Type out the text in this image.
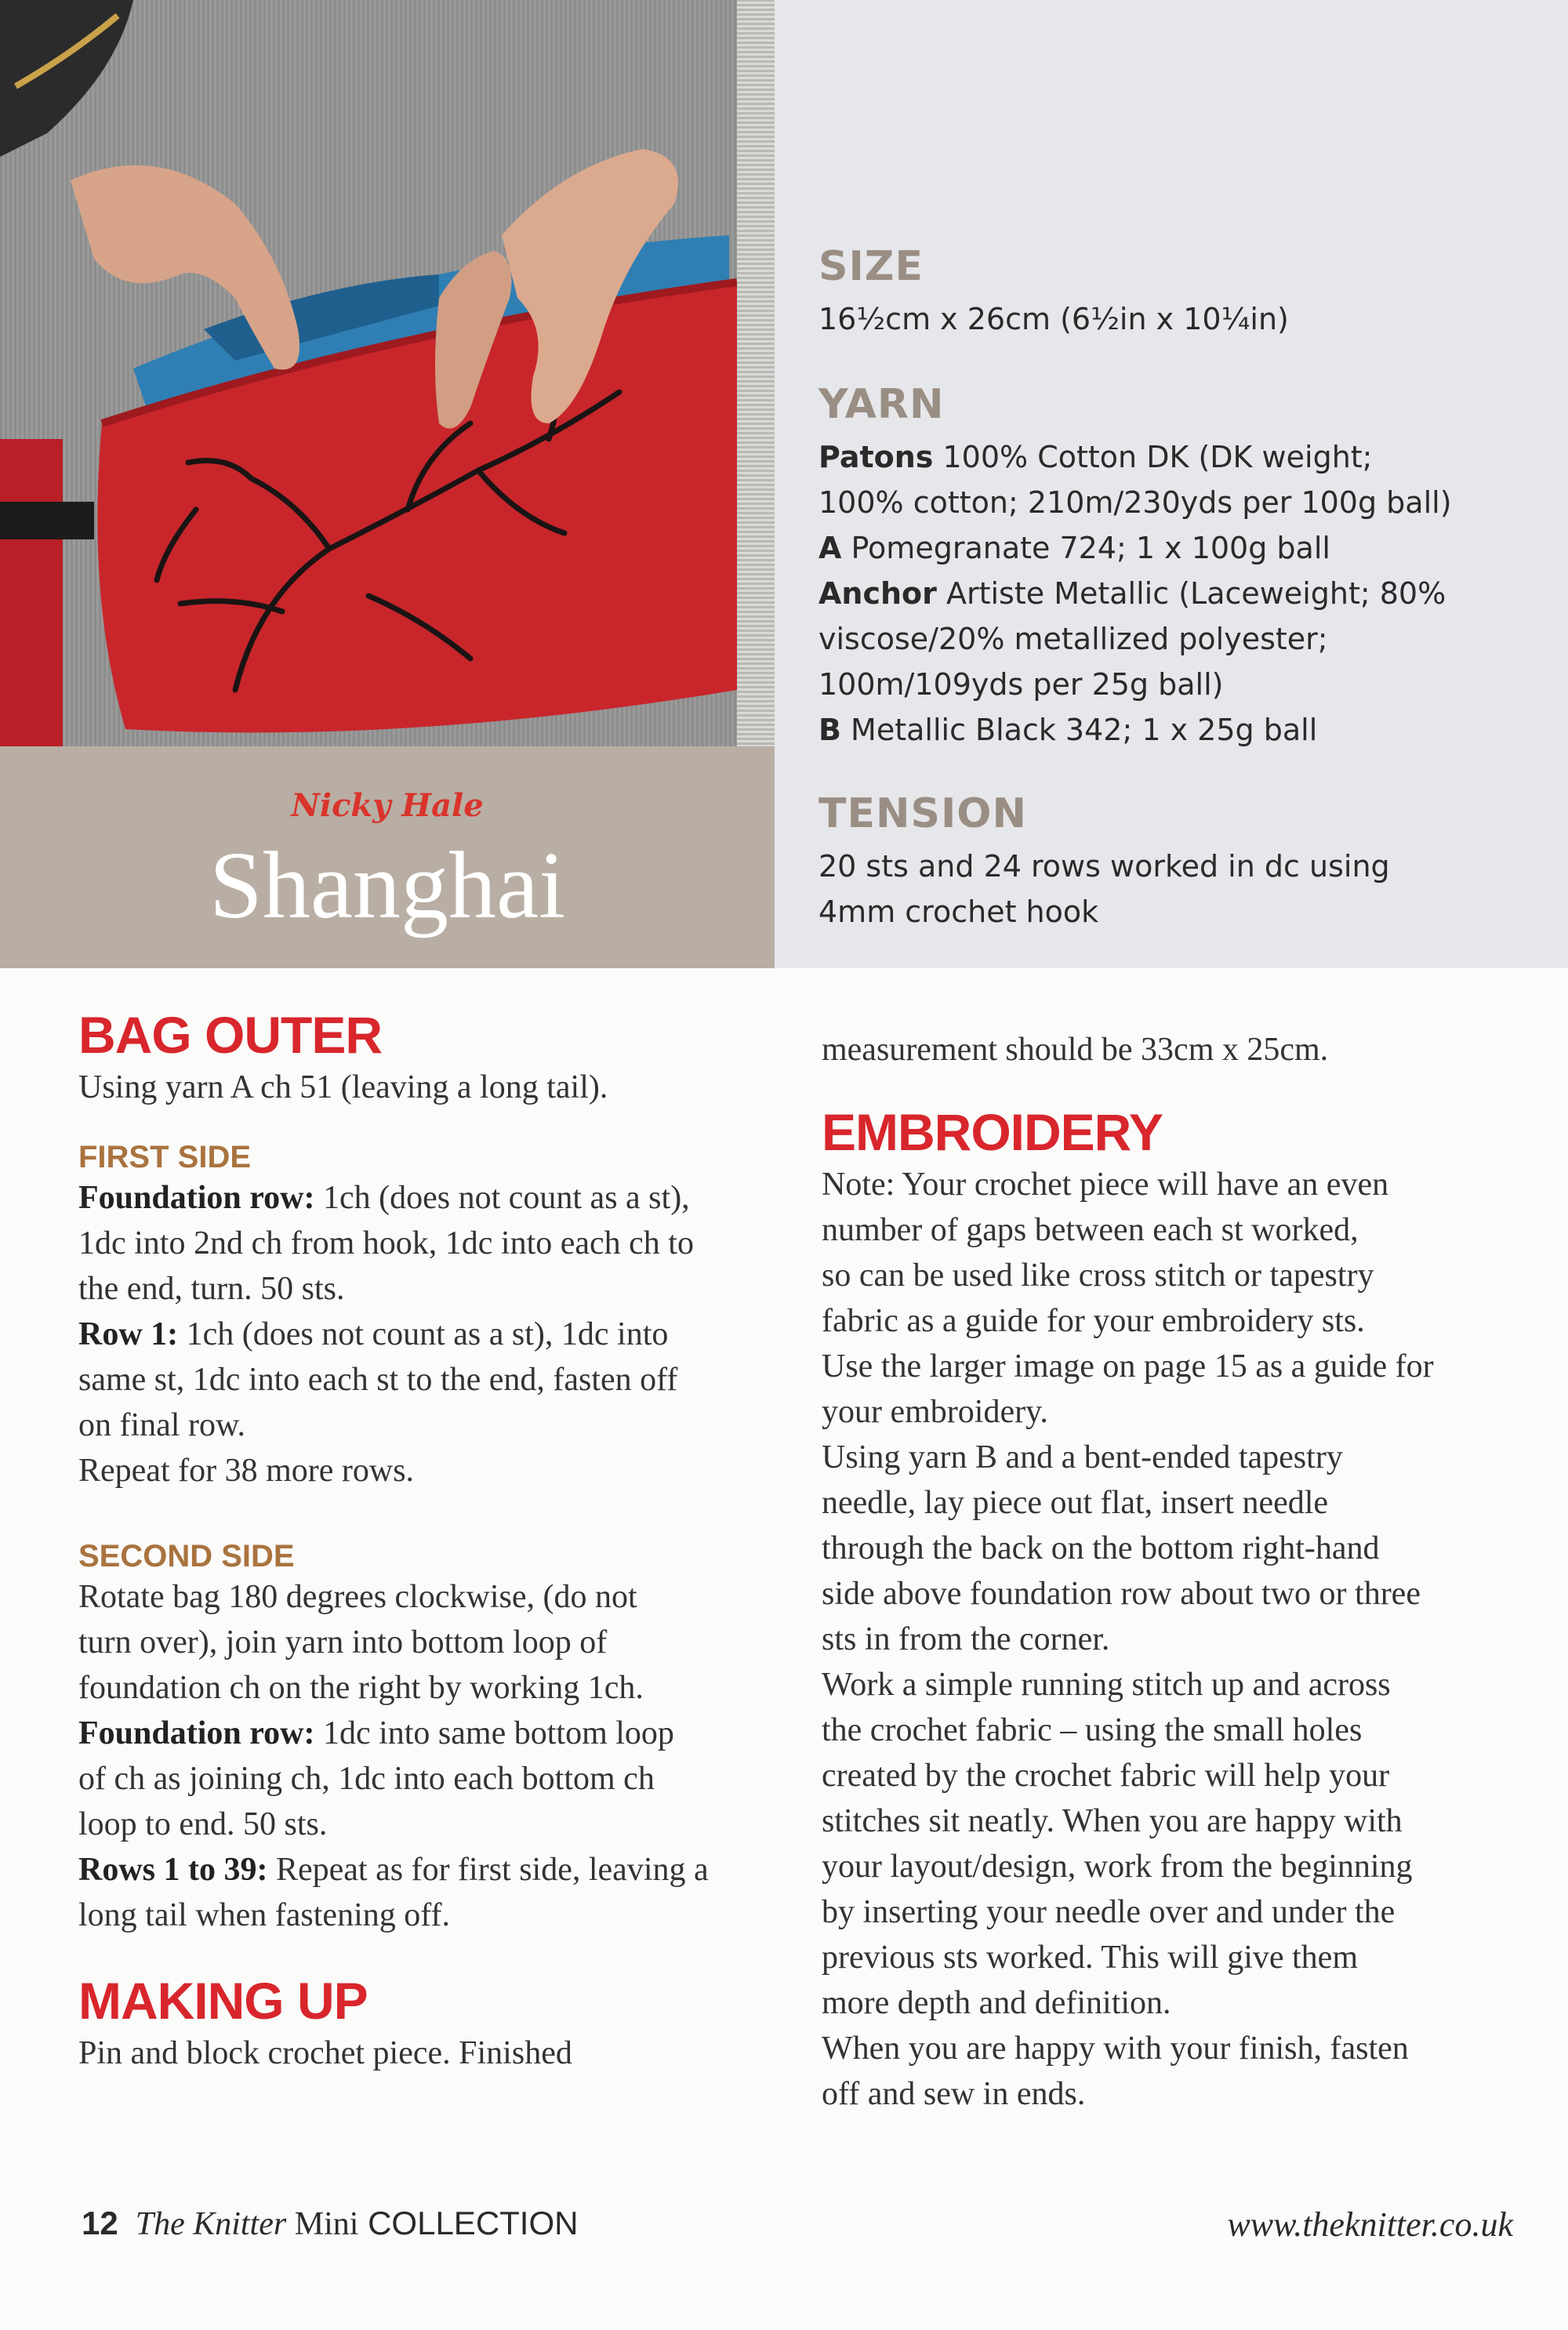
Nicky Hale
Shanghai
SIZE

16½cm x 26cm (6½in x 10¼in)

YARN

Patons 100% Cotton DK (DK weight;

100% cotton; 210m/230yds per 100g ball)

A Pomegranate 724; 1 x 100g ball

Anchor Artiste Metallic (Laceweight; 80%

viscose/20% metallized polyester;

100m/109yds per 25g ball)

B Metallic Black 342; 1 x 25g ball

TENSION

20 sts and 24 rows worked in dc using

4mm crochet hook

BAG OUTER

Using yarn A ch 51 (leaving a long tail).

FIRST SIDE

Foundation row: 1ch (does not count as a st),

1dc into 2nd ch from hook, 1dc into each ch to

the end, turn. 50 sts.

Row 1: 1ch (does not count as a st), 1dc into

same st, 1dc into each st to the end, fasten off

on final row.

Repeat for 38 more rows.

SECOND SIDE

Rotate bag 180 degrees clockwise, (do not

turn over), join yarn into bottom loop of

foundation ch on the right by working 1ch.

Foundation row: 1dc into same bottom loop

of ch as joining ch, 1dc into each bottom ch

loop to end. 50 sts.

Rows 1 to 39: Repeat as for first side, leaving a

long tail when fastening off.

MAKING UP

Pin and block crochet piece. Finished

measurement should be 33cm x 25cm.

EMBROIDERY

Note: Your crochet piece will have an even

number of gaps between each st worked,

so can be used like cross stitch or tapestry

fabric as a guide for your embroidery sts.

Use the larger image on page 15 as a guide for

your embroidery.

Using yarn B and a bent-ended tapestry

needle, lay piece out flat, insert needle

through the back on the bottom right-hand

side above foundation row about two or three

sts in from the corner.

Work a simple running stitch up and across

the crochet fabric – using the small holes

created by the crochet fabric will help your

stitches sit neatly. When you are happy with

your layout/design, work from the beginning

by inserting your needle over and under the

previous sts worked. This will give them

more depth and definition.

When you are happy with your finish, fasten

off and sew in ends.

12 The Knitter Mini COLLECTION	www.theknitter.co.uk
